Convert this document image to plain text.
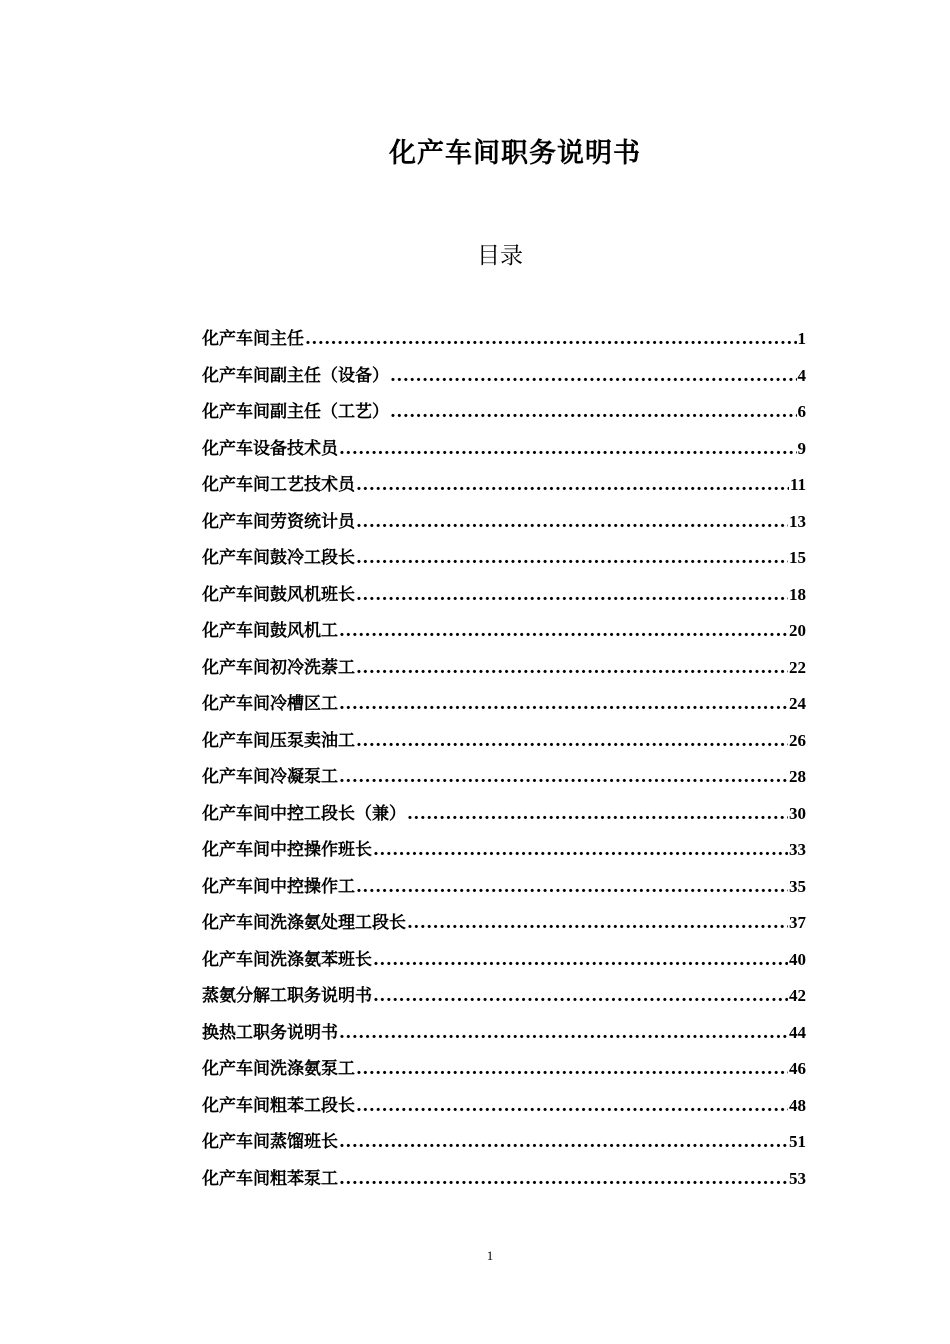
化产车间职务说明书
目录
化产车间主任 .....	1
化产车间副主任（设备） .....	4
化产车间副主任（工艺） .....	6
化产车设备技术员 .....	9
化产车间工艺技术员 .....	11
化产车间劳资统计员 .....	13
化产车间鼓冷工段长 .....	15
化产车间鼓风机班长 .....	18
化产车间鼓风机工 .....	20
化产车间初冷洗萘工 .....	22
化产车间冷槽区工 .....	24
化产车间压泵卖油工 .....	26
化产车间冷凝泵工 .....	28
化产车间中控工段长（兼） .....	30
化产车间中控操作班长 .....	33
化产车间中控操作工 .....	35
化产车间洗涤氨处理工段长 .....	37
化产车间洗涤氨苯班长 .....	40
蒸氨分解工职务说明书 .....	42
换热工职务说明书 .....	44
化产车间洗涤氨泵工 .....	46
化产车间粗苯工段长 .....	48
化产车间蒸馏班长 .....	51
化产车间粗苯泵工 .....	53
1
